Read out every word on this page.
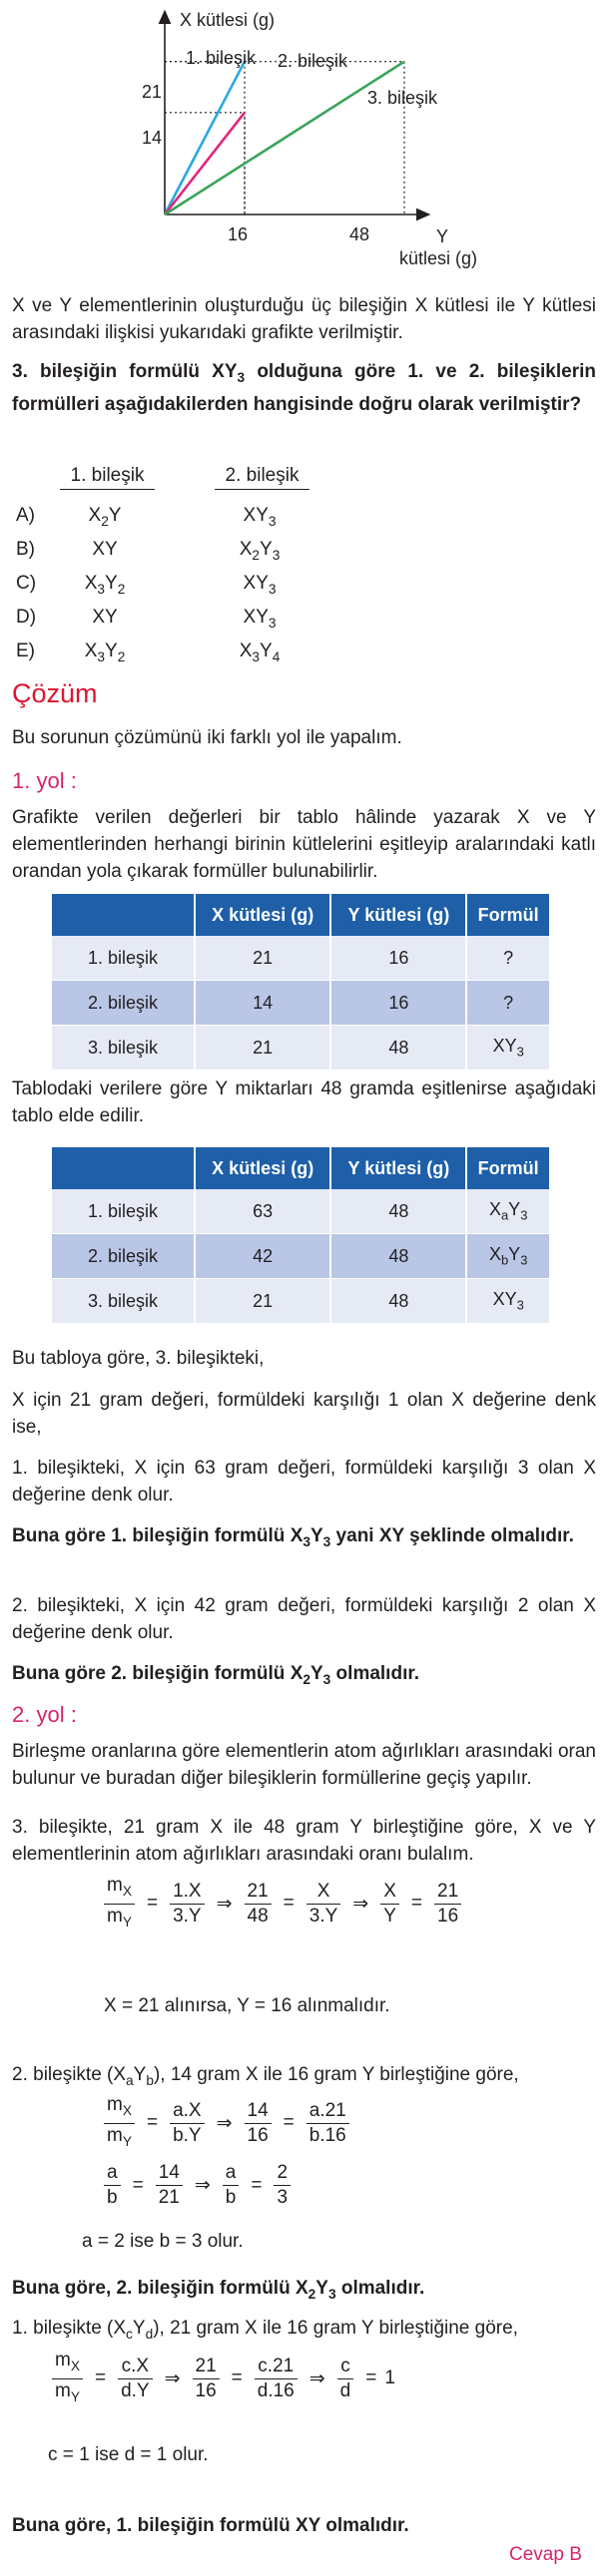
X kütlesi (g)
Y
kütlesi (g)
21
14
16	48
1. bileşik 2. bileşik
3. bileşik
X ve Y elementlerinin oluşturduğu üç bileşiğin X kütlesi ile Y kütlesi arasındaki ilişkisi yukarıdaki grafikte verilmiştir.
3. bileşiğin formülü $XY_3$ olduğuna göre 1. ve 2. bileşiklerin formülleri aşağıdakilerden hangisinde doğru olarak verilmiştir?
1. bileşik	2. bileşik
A)	$X_2Y$	$XY_3$
B)	XY	$X_2Y_3$
C)	$X_3Y_2$	$XY_3$
D)	XY	$XY_3$
E)	$X_3Y_2$	$X_3Y_4$
Çözüm
Bu sorunun çözümünü iki farklı yol ile yapalım.
1. yol :
Grafikte verilen değerleri bir tablo hâlinde yazarak X ve Y elementlerinden herhangi birinin kütlelerini eşitleyip aralarındaki katlı orandan yola çıkarak formüller bulunabilirlir.
	X kütlesi (g)	Y kütlesi (g)	Formül
1. bileşik	21	16	?
2. bileşik	14	16	?
3. bileşik	21	48	$XY_3$
Tablodaki verilere göre Y miktarları 48 gramda eşitlenirse aşağıdaki tablo elde edilir.
	X kütlesi (g)	Y kütlesi (g)	Formül
1. bileşik	63	48	$X_aY_3$
2. bileşik	42	48	$X_bY_3$
3. bileşik	21	48	$XY_3$
Bu tabloya göre, 3. bileşikteki,
X için 21 gram değeri, formüldeki karşılığı 1 olan X değerine denk ise,
1. bileşikteki, X için 63 gram değeri, formüldeki karşılığı 3 olan X değerine denk olur.
Buna göre 1. bileşiğin formülü $X_3Y_3$ yani XY şeklinde olmalıdır.
2. bileşikteki, X için 42 gram değeri, formüldeki karşılığı 2 olan X değerine denk olur.
Buna göre 2. bileşiğin formülü $X_2Y_3$ olmalıdır.
2. yol :
Birleşme oranlarına göre elementlerin atom ağırlıkları arasındaki oran bulunur ve buradan diğer bileşiklerin formüllerine geçiş yapılır.
3. bileşikte, 21 gram X ile 48 gram Y birleştiğine göre, X ve Y elementlerinin atom ağırlıkları arasındaki oranı bulalım.
$\frac{m_X}{m_Y} = \frac{1.X}{3.Y}$ ⇒ $\frac{21}{48} = \frac{X}{3.Y}$ ⇒ $\frac{X}{Y} = \frac{21}{16}$
X = 21 alınırsa, Y = 16 alınmalıdır.
2. bileşikte $(X_aY_b)$, 14 gram X ile 16 gram Y birleştiğine göre,
$\frac{m_X}{m_Y} = \frac{a.X}{b.Y}$ ⇒ $\frac{14}{16} = \frac{a.21}{b.16}$
$\frac{a}{b} = \frac{14}{21}$ ⇒ $\frac{a}{b} = \frac{2}{3}$
a = 2 ise b = 3 olur.
Buna göre, 2. bileşiğin formülü $X_2Y_3$ olmalıdır.
1. bileşikte $(X_cY_d)$, 21 gram X ile 16 gram Y birleştiğine göre,
$\frac{m_X}{m_Y} = \frac{c.X}{d.Y}$ ⇒ $\frac{21}{16} = \frac{c.21}{d.16}$ ⇒ $\frac{c}{d} = 1$
c = 1 ise d = 1 olur.
Buna göre, 1. bileşiğin formülü XY olmalıdır.
Cevap B
